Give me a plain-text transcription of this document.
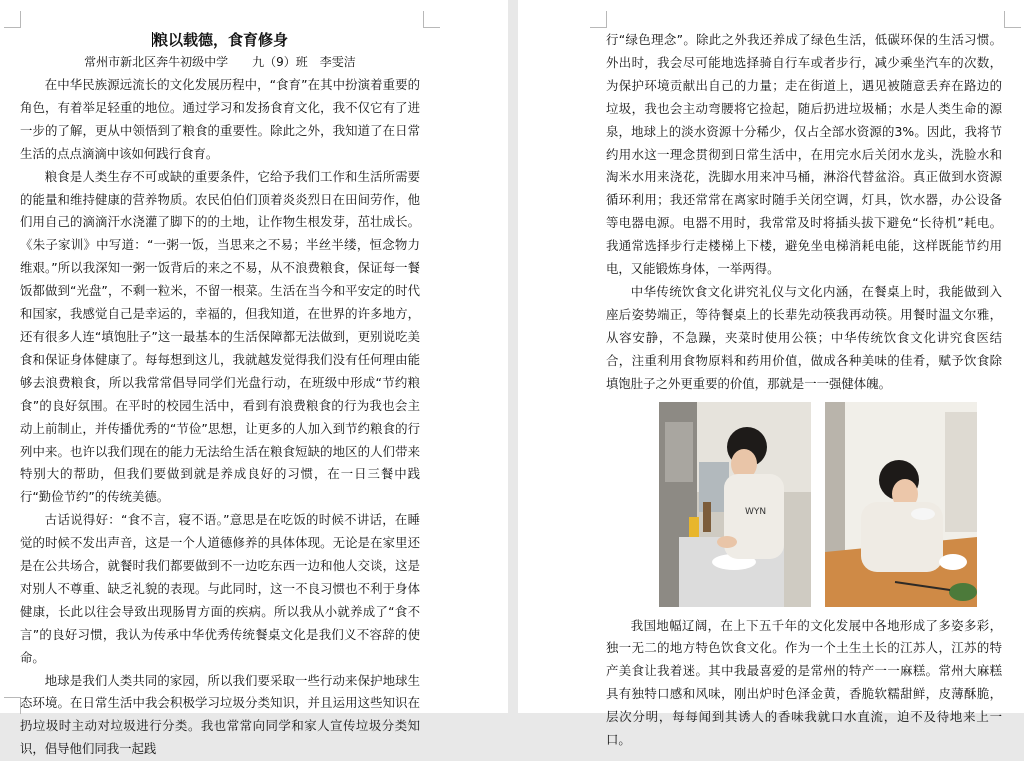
粮以载德，食育修身
常州市新北区奔牛初级中学　　九（9）班　李雯洁

在中华民族源远流长的文化发展历程中，“食育”在其中扮演着重要的角色，有着举足轻重的地位。通过学习和发扬食育文化，我不仅它有了进一步的了解，更从中领悟到了粮食的重要性。除此之外，我知道了在日常生活的点点滴滴中该如何践行食育。

粮食是人类生存不可或缺的重要条件，它给予我们工作和生活所需要的能量和维持健康的营养物质。农民伯伯们顶着炎炎烈日在田间劳作，他们用自己的滴滴汗水浇灌了脚下的的土地，让作物生根发芽，茁壮成长。《朱子家训》中写道：“一粥一饭，当思来之不易；半丝半缕，恒念物力维艰。”所以我深知一粥一饭背后的来之不易，从不浪费粮食，保证每一餐饭都做到“光盘”，不剩一粒米，不留一根菜。生活在当今和平安定的时代和国家，我感觉自己是幸运的，幸福的，但我知道，在世界的许多地方，还有很多人连“填饱肚子”这一最基本的生活保障都无法做到，更别说吃美食和保证身体健康了。每每想到这儿，我就越发觉得我们没有任何理由能够去浪费粮食，所以我常常倡导同学们光盘行动，在班级中形成“节约粮食”的良好氛围。在平时的校园生活中，看到有浪费粮食的行为我也会主动上前制止，并传播优秀的“节俭”思想，让更多的人加入到节约粮食的行列中来。也许以我们现在的能力无法给生活在粮食短缺的地区的人们带来特别大的帮助，但我们要做到就是养成良好的习惯，在一日三餐中践行“勤俭节约”的传统美德。

古话说得好：“食不言，寝不语。”意思是在吃饭的时候不讲话，在睡觉的时候不发出声音，这是一个人道德修养的具体体现。无论是在家里还是在公共场合，就餐时我们都要做到不一边吃东西一边和他人交谈，这是对别人不尊重、缺乏礼貌的表现。与此同时，这一不良习惯也不利于身体健康，长此以往会导致出现肠胃方面的疾病。所以我从小就养成了“食不言”的良好习惯，我认为传承中华优秀传统餐桌文化是我们义不容辞的使命。

地球是我们人类共同的家园，所以我们要采取一些行动来保护地球生态环境。在日常生活中我会积极学习垃圾分类知识，并且运用这些知识在扔垃圾时主动对垃圾进行分类。我也常常向同学和家人宣传垃圾分类知识，倡导他们同我一起践

行“绿色理念”。除此之外我还养成了绿色生活，低碳环保的生活习惯。外出时，我会尽可能地选择骑自行车或者步行，减少乘坐汽车的次数，为保护环境贡献出自己的力量；走在街道上，遇见被随意丢弃在路边的垃圾，我也会主动弯腰将它捡起，随后扔进垃圾桶；水是人类生命的源泉，地球上的淡水资源十分稀少，仅占全部水资源的3%。因此，我将节约用水这一理念贯彻到日常生活中，在用完水后关闭水龙头，洗脸水和淘米水用来浇花，洗脚水用来冲马桶，淋浴代替盆浴。真正做到水资源循环利用；我还常常在离家时随手关闭空调，灯具，饮水器，办公设备等电器电源。电器不用时，我常常及时将插头拔下避免“长待机”耗电。我通常选择步行走楼梯上下楼，避免坐电梯消耗电能，这样既能节约用电，又能锻炼身体，一举两得。

中华传统饮食文化讲究礼仪与文化内涵，在餐桌上时，我能做到入座后姿势端正，等待餐桌上的长辈先动筷我再动筷。用餐时温文尔雅，从容安静，不急躁，夹菜时使用公筷；中华传统饮食文化讲究食医结合，注重利用食物原料和药用价值，做成各种美味的佳肴，赋予饮食除填饱肚子之外更重要的价值，那就是一一强健体魄。

WYN

我国地幅辽阔，在上下五千年的文化发展中各地形成了多姿多彩，独一无二的地方特色饮食文化。作为一个土生土长的江苏人，江苏的特产美食让我着迷。其中我最喜爱的是常州的特产一一麻糕。常州大麻糕具有独特口感和风味，刚出炉时色泽金黄，香脆软糯甜鲜，皮薄酥脆，层次分明，每每闻到其诱人的香味我就口水直流，迫不及待地来上一口。
